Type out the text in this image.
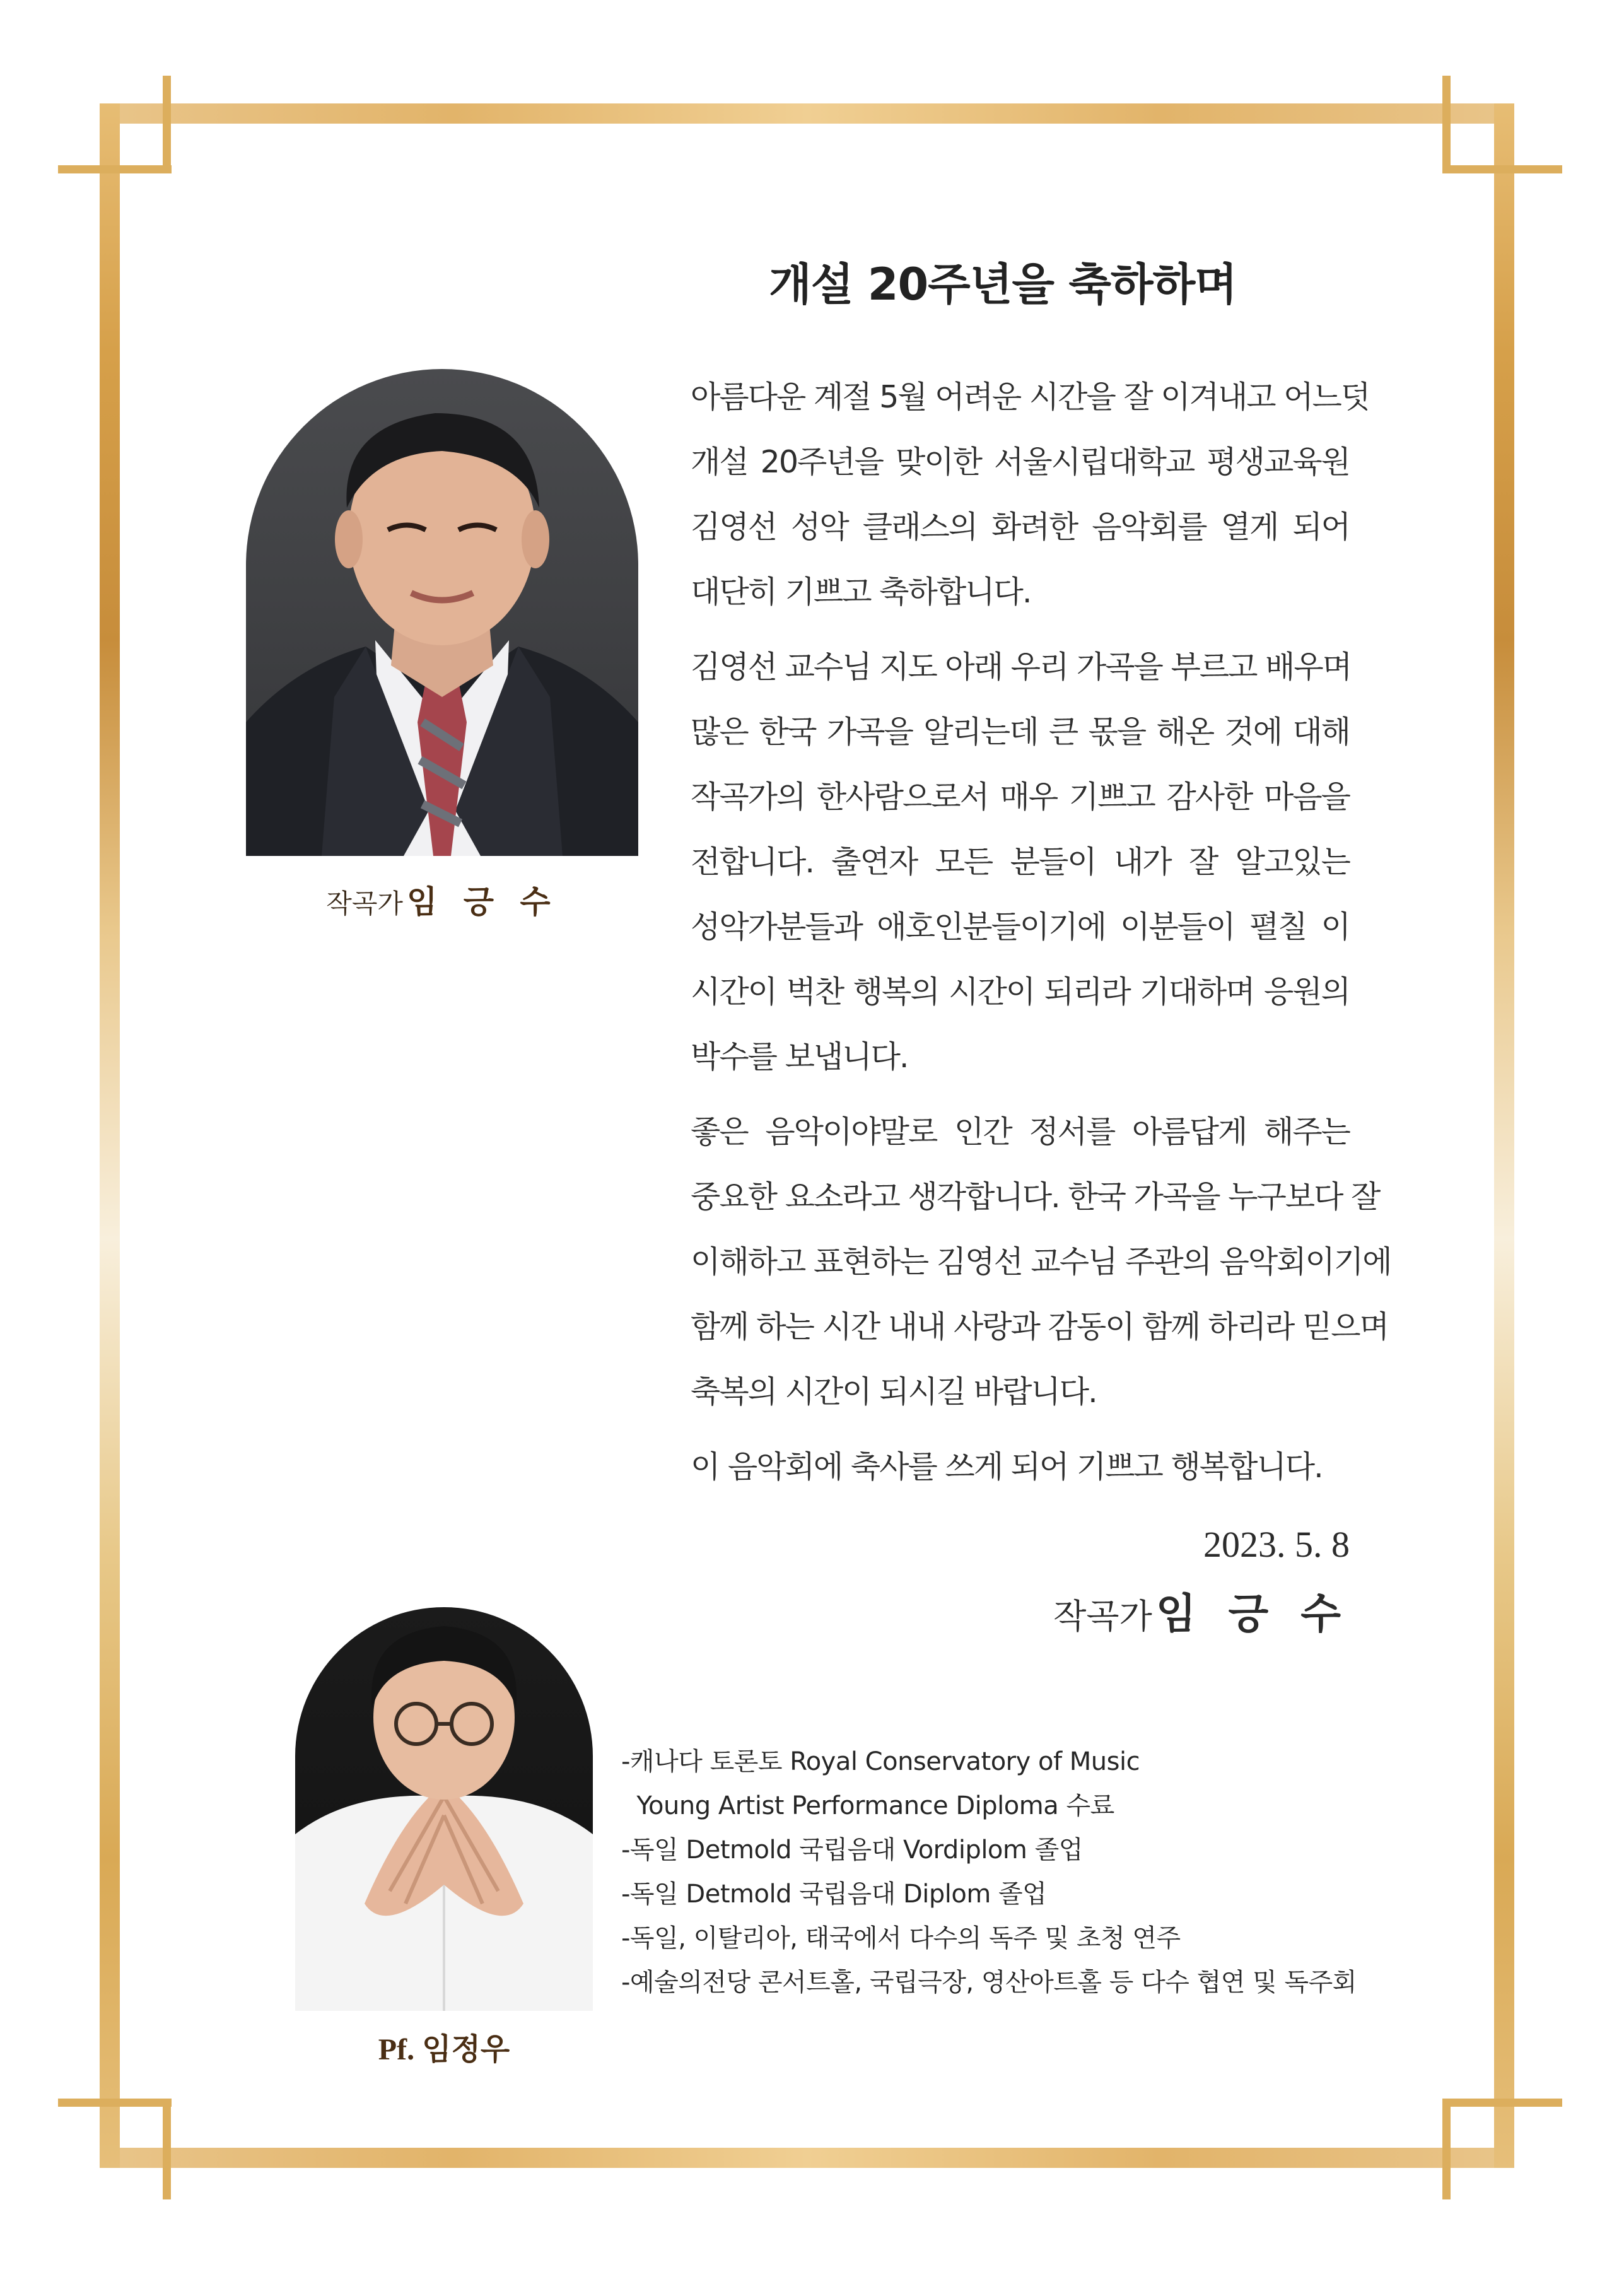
개설 20주년을 축하하며
작곡가 임 긍 수

아름다운 계절 5월 어려운 시간을 잘 이겨내고 어느덧
개설 20주년을 맞이한 서울시립대학교 평생교육원
김영선 성악 클래스의 화려한 음악회를 열게 되어
대단히 기쁘고 축하합니다.

김영선 교수님 지도 아래 우리 가곡을 부르고 배우며
많은 한국 가곡을 알리는데 큰 몫을 해온 것에 대해
작곡가의 한사람으로서 매우 기쁘고 감사한 마음을
전합니다. 출연자 모든 분들이 내가 잘 알고있는
성악가분들과 애호인분들이기에 이분들이 펼칠 이
시간이 벅찬 행복의 시간이 되리라 기대하며 응원의
박수를 보냅니다.

좋은 음악이야말로 인간 정서를 아름답게 해주는
중요한 요소라고 생각합니다. 한국 가곡을 누구보다 잘
이해하고 표현하는 김영선 교수님 주관의 음악회이기에
함께 하는 시간 내내 사랑과 감동이 함께 하리라 믿으며
축복의 시간이 되시길 바랍니다.

이 음악회에 축사를 쓰게 되어 기쁘고 행복합니다.

2023. 5. 8
작곡가임 긍 수
Pf. 임정우
-캐나다 토론토 Royal Conservatory of Music
Young Artist Performance Diploma 수료
-독일 Detmold 국립음대 Vordiplom 졸업
-독일 Detmold 국립음대 Diplom 졸업
-독일, 이탈리아, 태국에서 다수의 독주 및 초청 연주
-예술의전당 콘서트홀, 국립극장, 영산아트홀 등 다수 협연 및 독주회
